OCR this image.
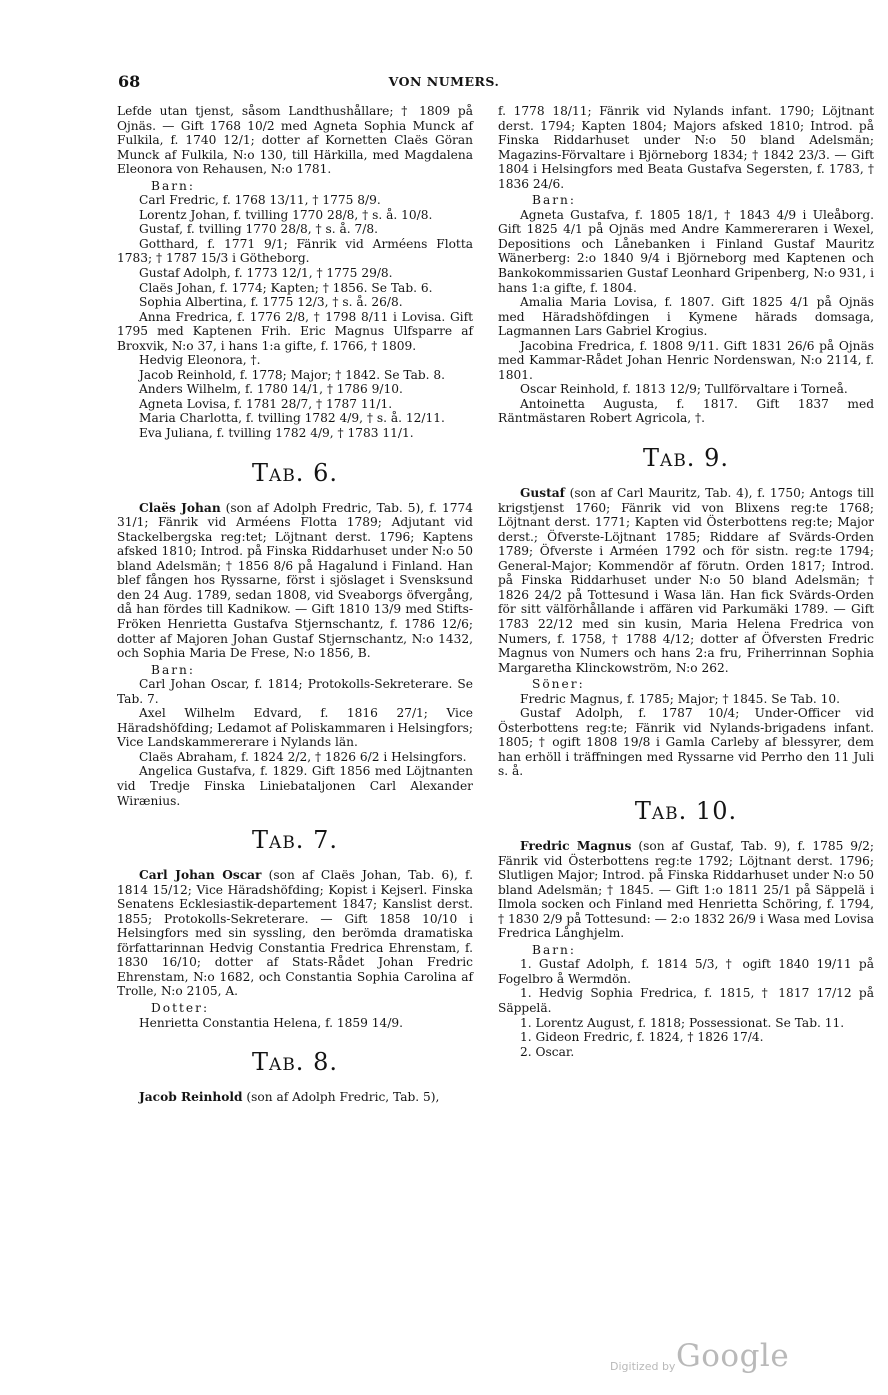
68	VON NUMERS.

Lefde utan tjenst, såsom Landthushållare; † 1809 på Ojnäs. — Gift 1768 10/2 med Agneta Sophia Munck af Fulkila, f. 1740 12/1; dotter af Kornetten Claës Göran Munck af Fulkila, N:o 130, till Härkilla, med Magdalena Eleonora von Rehausen, N:o 1781.

Barn:

Carl Fredric, f. 1768 13/11, † 1775 8/9.

Lorentz Johan, f. tvilling 1770 28/8, † s. å. 10/8.

Gustaf, f. tvilling 1770 28/8, † s. å. 7/8.

Gotthard, f. 1771 9/1; Fänrik vid Arméens Flotta 1783; † 1787 15/3 i Götheborg.

Gustaf Adolph, f. 1773 12/1, † 1775 29/8.

Claës Johan, f. 1774; Kapten; † 1856. Se Tab. 6.

Sophia Albertina, f. 1775 12/3, † s. å. 26/8.

Anna Fredrica, f. 1776 2/8, † 1798 8/11 i Lovisa. Gift 1795 med Kaptenen Frih. Eric Magnus Ulfsparre af Broxvik, N:o 37, i hans 1:a gifte, f. 1766, † 1809.

Hedvig Eleonora, †.

Jacob Reinhold, f. 1778; Major; † 1842. Se Tab. 8.

Anders Wilhelm, f. 1780 14/1, † 1786 9/10.

Agneta Lovisa, f. 1781 28/7, † 1787 11/1.

Maria Charlotta, f. tvilling 1782 4/9, † s. å. 12/11.

Eva Juliana, f. tvilling 1782 4/9, † 1783 11/1.

Tab. 6.

Claës Johan (son af Adolph Fredric, Tab. 5), f. 1774 31/1; Fänrik vid Arméens Flotta 1789; Adjutant vid Stackelbergska reg:tet; Löjtnant derst. 1796; Kaptens afsked 1810; Introd. på Finska Riddarhuset under N:o 50 bland Adelsmän; † 1856 8/6 på Hagalund i Finland. Han blef fången hos Ryssarne, först i sjöslaget i Svensksund den 24 Aug. 1789, sedan 1808, vid Sveaborgs öfvergång, då han fördes till Kadnikow. — Gift 1810 13/9 med Stifts-Fröken Henrietta Gustafva Stjernschantz, f. 1786 12/6; dotter af Majoren Johan Gustaf Stjernschantz, N:o 1432, och Sophia Maria De Frese, N:o 1856, B.

Barn:

Carl Johan Oscar, f. 1814; Protokolls-Sekreterare. Se Tab. 7.

Axel Wilhelm Edvard, f. 1816 27/1; Vice Häradshöfding; Ledamot af Poliskammaren i Helsingfors; Vice Landskammererare i Nylands län.

Claës Abraham, f. 1824 2/2, † 1826 6/2 i Helsingfors.

Angelica Gustafva, f. 1829. Gift 1856 med Löjtnanten vid Tredje Finska Liniebataljonen Carl Alexander Wirænius.

Tab. 7.

Carl Johan Oscar (son af Claës Johan, Tab. 6), f. 1814 15/12; Vice Häradshöfding; Kopist i Kejserl. Finska Senatens Ecklesiastik-departement 1847; Kanslist derst. 1855; Protokolls-Sekreterare. — Gift 1858 10/10 i Helsingfors med sin syssling, den berömda dramatiska författarinnan Hedvig Constantia Fredrica Ehrenstam, f. 1830 16/10; dotter af Stats-Rådet Johan Fredric Ehrenstam, N:o 1682, och Constantia Sophia Carolina af Trolle, N:o 2105, A.

Dotter:

Henrietta Constantia Helena, f. 1859 14/9.

Tab. 8.

Jacob Reinhold (son af Adolph Fredric, Tab. 5),

f. 1778 18/11; Fänrik vid Nylands infant. 1790; Löjtnant derst. 1794; Kapten 1804; Majors afsked 1810; Introd. på Finska Riddarhuset under N:o 50 bland Adelsmän; Magazins-Förvaltare i Björneborg 1834; † 1842 23/3. — Gift 1804 i Helsingfors med Beata Gustafva Segersten, f. 1783, † 1836 24/6.

Barn:

Agneta Gustafva, f. 1805 18/1, † 1843 4/9 i Uleåborg. Gift 1825 4/1 på Ojnäs med Andre Kammereraren i Wexel, Depositions och Lånebanken i Finland Gustaf Mauritz Wänerberg: 2:o 1840 9/4 i Björneborg med Kaptenen och Bankokommissarien Gustaf Leonhard Gripenberg, N:o 931, i hans 1:a gifte, f. 1804.

Amalia Maria Lovisa, f. 1807. Gift 1825 4/1 på Ojnäs med Häradshöfdingen i Kymene härads domsaga, Lagmannen Lars Gabriel Krogius.

Jacobina Fredrica, f. 1808 9/11. Gift 1831 26/6 på Ojnäs med Kammar-Rådet Johan Henric Nordenswan, N:o 2114, f. 1801.

Oscar Reinhold, f. 1813 12/9; Tullförvaltare i Torneå.

Antoinetta Augusta, f. 1817. Gift 1837 med Räntmästaren Robert Agricola, †.

Tab. 9.

Gustaf (son af Carl Mauritz, Tab. 4), f. 1750; Antogs till krigstjenst 1760; Fänrik vid von Blixens reg:te 1768; Löjtnant derst. 1771; Kapten vid Österbottens reg:te; Major derst.; Öfverste-Löjtnant 1785; Riddare af Svärds-Orden 1789; Öfverste i Arméen 1792 och för sistn. reg:te 1794; General-Major; Kommendör af förutn. Orden 1817; Introd. på Finska Riddarhuset under N:o 50 bland Adelsmän; † 1826 24/2 på Tottesund i Wasa län. Han fick Svärds-Orden för sitt välförhållande i affären vid Parkumäki 1789. — Gift 1783 22/12 med sin kusin, Maria Helena Fredrica von Numers, f. 1758, † 1788 4/12; dotter af Öfversten Fredric Magnus von Numers och hans 2:a fru, Friherrinnan Sophia Margaretha Klinckowström, N:o 262.

Söner:

Fredric Magnus, f. 1785; Major; † 1845. Se Tab. 10.

Gustaf Adolph, f. 1787 10/4; Under-Officer vid Österbottens reg:te; Fänrik vid Nylands-brigadens infant. 1805; † ogift 1808 19/8 i Gamla Carleby af blessyrer, dem han erhöll i träffningen med Ryssarne vid Perrho den 11 Juli s. å.

Tab. 10.

Fredric Magnus (son af Gustaf, Tab. 9), f. 1785 9/2; Fänrik vid Österbottens reg:te 1792; Löjtnant derst. 1796; Slutligen Major; Introd. på Finska Riddarhuset under N:o 50 bland Adelsmän; † 1845. — Gift 1:o 1811 25/1 på Säppelä i Ilmola socken och Finland med Henrietta Schöring, f. 1794, † 1830 2/9 på Tottesund: — 2:o 1832 26/9 i Wasa med Lovisa Fredrica Långhjelm.

Barn:

1. Gustaf Adolph, f. 1814 5/3, † ogift 1840 19/11 på Fogelbro å Wermdön.

1. Hedvig Sophia Fredrica, f. 1815, † 1817 17/12 på Säppelä.

1. Lorentz August, f. 1818; Possessionat. Se Tab. 11.

1. Gideon Fredric, f. 1824, † 1826 17/4.

2. Oscar.

Digitized by Google
